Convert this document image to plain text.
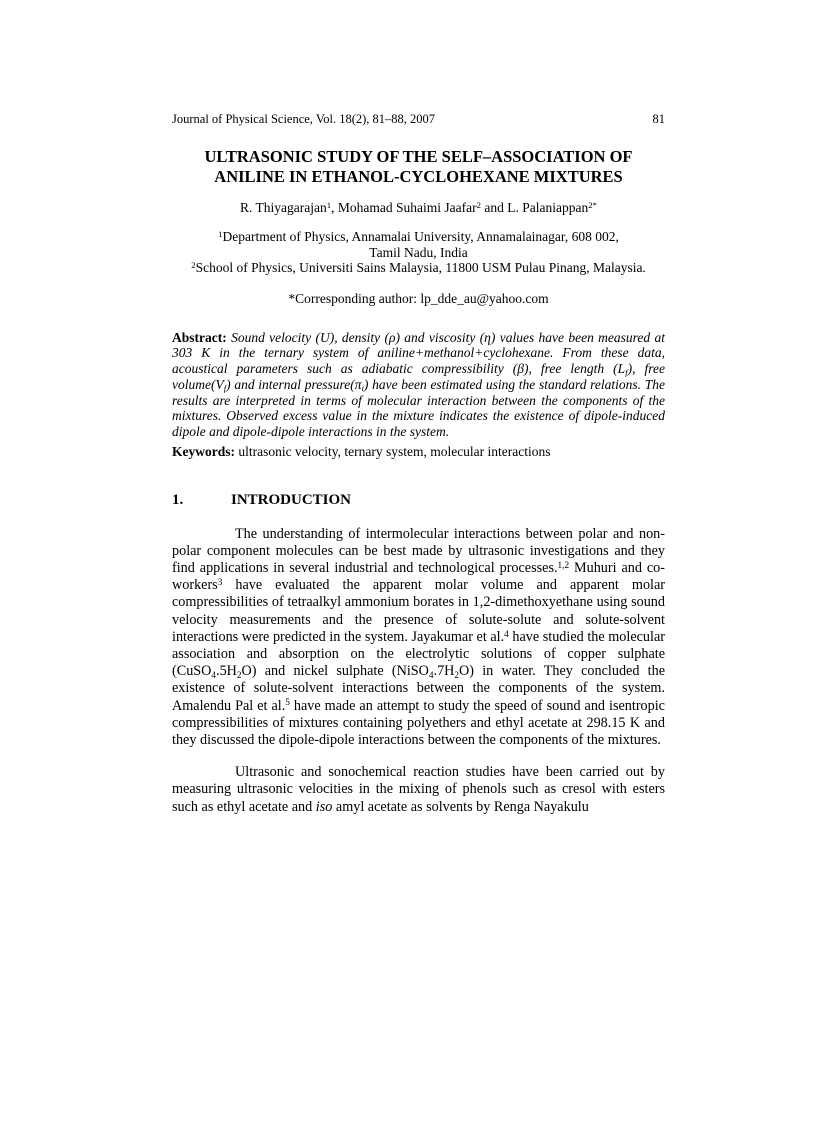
Journal of Physical Science, Vol. 18(2), 81–88, 2007	81
ULTRASONIC STUDY OF THE SELF–ASSOCIATION OF
ANILINE IN ETHANOL-CYCLOHEXANE MIXTURES
R. Thiyagarajan$^1$, Mohamad Suhaimi Jaafar$^2$ and L. Palaniappan$^{2*}$
$^1$Department of Physics, Annamalai University, Annamalainagar, 608 002,
Tamil Nadu, India
$^2$School of Physics, Universiti Sains Malaysia, 11800 USM Pulau Pinang, Malaysia.
*Corresponding author: lp_dde_au@yahoo.com

Abstract: Sound velocity (U), density (ρ) and viscosity (η) values have been measured at 303 K in the ternary system of aniline+methanol+cyclohexane. From these data, acoustical parameters such as adiabatic compressibility (β), free length (Lf), free volume(Vf) and internal pressure(πi) have been estimated using the standard relations. The results are interpreted in terms of molecular interaction between the components of the mixtures. Observed excess value in the mixture indicates the existence of dipole-induced dipole and dipole-dipole interactions in the system.

Keywords: ultrasonic velocity, ternary system, molecular interactions

1.	INTRODUCTION

The understanding of intermolecular interactions between polar and non-polar component molecules can be best made by ultrasonic investigations and they find applications in several industrial and technological processes.$^{1,2}$ Muhuri and co-workers$^3$ have evaluated the apparent molar volume and apparent molar compressibilities of tetraalkyl ammonium borates in 1,2-dimethoxyethane using sound velocity measurements and the presence of solute-solute and solute-solvent interactions were predicted in the system. Jayakumar et al.$^4$ have studied the molecular association and absorption on the electrolytic solutions of copper sulphate (CuSO4.5H2O) and nickel sulphate (NiSO4.7H2O) in water. They concluded the existence of solute-solvent interactions between the components of the system. Amalendu Pal et al.$^5$ have made an attempt to study the speed of sound and isentropic compressibilities of mixtures containing polyethers and ethyl acetate at 298.15 K and they discussed the dipole-dipole interactions between the components of the mixtures.

Ultrasonic and sonochemical reaction studies have been carried out by measuring ultrasonic velocities in the mixing of phenols such as cresol with esters such as ethyl acetate and iso amyl acetate as solvents by Renga Nayakulu
